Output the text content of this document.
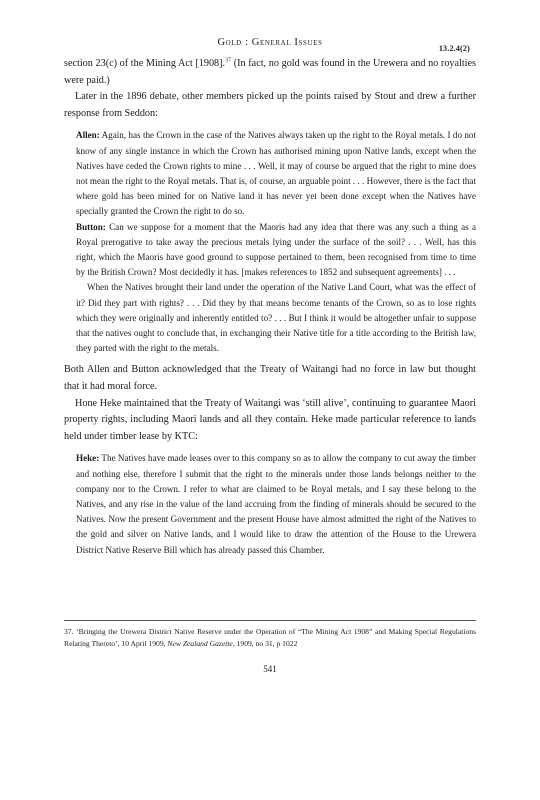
Gold : General Issues
13.2.4(2)

section 23(c) of the Mining Act [1908].$^{37}$ (In fact, no gold was found in the Urewera and no royalties were paid.)

Later in the 1896 debate, other members picked up the points raised by Stout and drew a further response from Seddon:

Allen: Again, has the Crown in the case of the Natives always taken up the right to the Royal metals. I do not know of any single instance in which the Crown has authorised mining upon Native lands, except when the Natives have ceded the Crown rights to mine . . . Well, it may of course be argued that the right to mine does not mean the right to the Royal metals. That is, of course, an arguable point . . . However, there is the fact that where gold has been mined for on Native land it has never yet been done except when the Natives have specially granted the Crown the right to do so.

Button: Can we suppose for a moment that the Maoris had any idea that there was any such a thing as a Royal prerogative to take away the precious metals lying under the surface of the soil? . . . Well, has this right, which the Maoris have good ground to suppose pertained to them, been recognised from time to time by the British Crown? Most decidedly it has. [makes references to 1852 and subsequent agreements] . . .

When the Natives brought their land under the operation of the Native Land Court, what was the effect of it? Did they part with rights? . . . Did they by that means become tenants of the Crown, so as to lose rights which they were originally and inherently entitled to? . . . But I think it would be altogether unfair to suppose that the natives ought to conclude that, in exchanging their Native title for a title according to the British law, they parted with the right to the metals.

Both Allen and Button acknowledged that the Treaty of Waitangi had no force in law but thought that it had moral force.

Hone Heke maintained that the Treaty of Waitangi was ‘still alive’, continuing to guarantee Maori property rights, including Maori lands and all they contain. Heke made particular reference to lands held under timber lease by KTC:

Heke: The Natives have made leases over to this company so as to allow the company to cut away the timber and nothing else, therefore I submit that the right to the minerals under those lands belongs neither to the company nor to the Crown. I refer to what are claimed to be Royal metals, and I say these belong to the Natives, and any rise in the value of the land accruing from the finding of minerals should be secured to the Natives. Now the present Government and the present House have almost admitted the right of the Natives to the gold and silver on Native lands, and I would like to draw the attention of the House to the Urewera District Native Reserve Bill which has already passed this Chamber.

37. ‘Bringing the Urewera District Native Reserve under the Operation of “The Mining Act 1908” and Making Special Regulations Relating Thereto’, 10 April 1909, New Zealand Gazette, 1909, no 31, p 1022
541
